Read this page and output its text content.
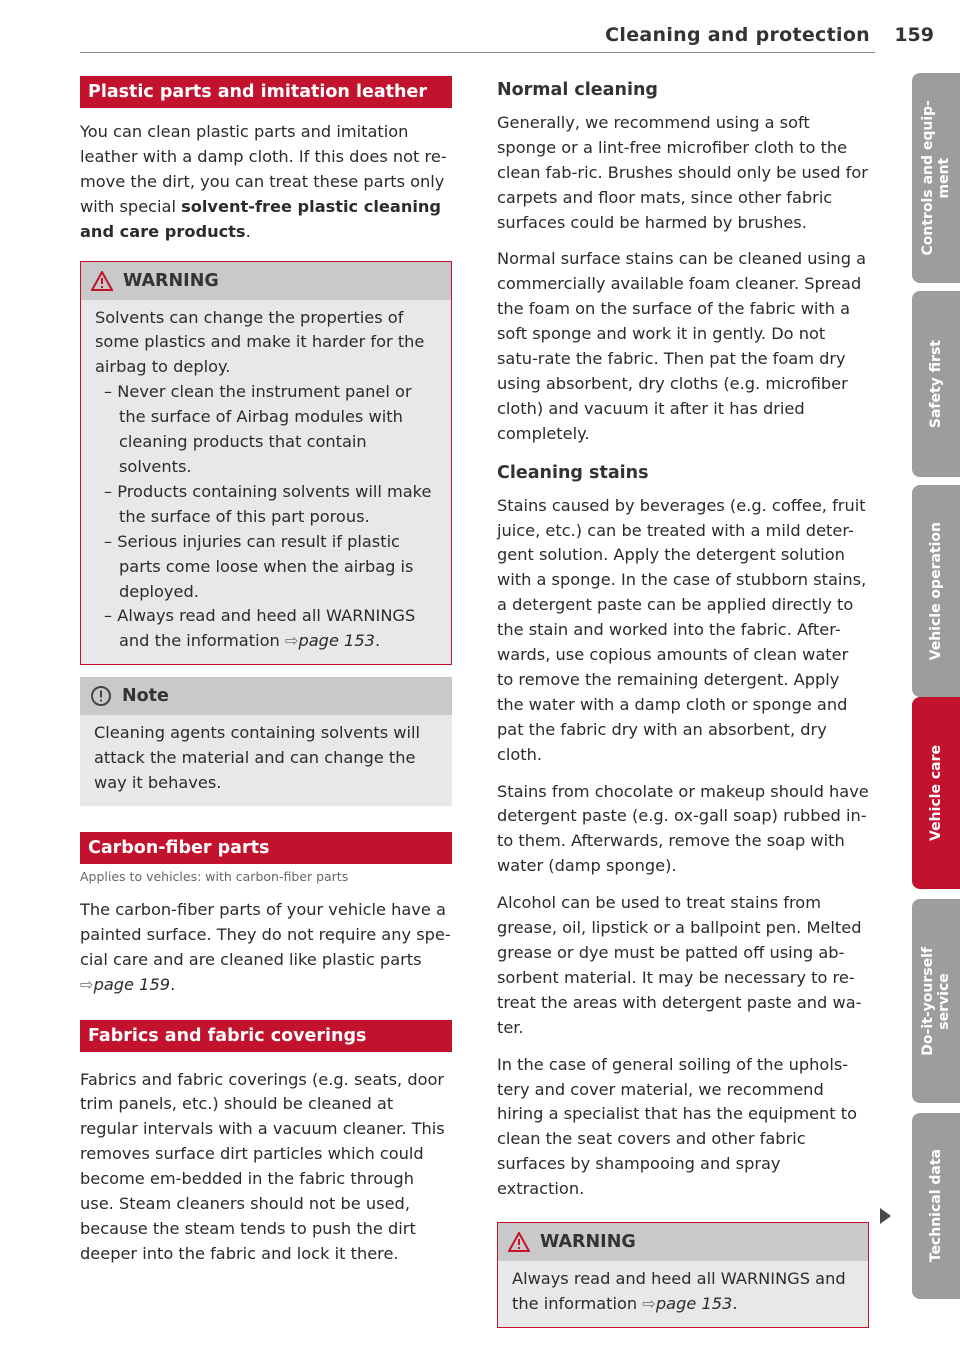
Cleaning and protection 159
Plastic parts and imitation leather

You can clean plastic parts and imitation leather with a damp cloth. If this does not re-move the dirt, you can treat these parts only with special solvent-free plastic cleaning and care products.

WARNING

Solvents can change the properties of some plastics and make it harder for the airbag to deploy.

– Never clean the instrument panel or the surface of Airbag modules with cleaning products that contain solvents.
– Products containing solvents will make the surface of this part porous.
– Serious injuries can result if plastic parts come loose when the airbag is deployed.
– Always read and heed all WARNINGS and the information ⇨page 153.
Note

Cleaning agents containing solvents will attack the material and can change the way it behaves.

Carbon-fiber parts
Applies to vehicles: with carbon-fiber parts

The carbon-fiber parts of your vehicle have a painted surface. They do not require any spe-cial care and are cleaned like plastic parts ⇨page 159.

Fabrics and fabric coverings

Fabrics and fabric coverings (e.g. seats, door trim panels, etc.) should be cleaned at regular intervals with a vacuum cleaner. This removes surface dirt particles which could become em-bedded in the fabric through use. Steam cleaners should not be used, because the steam tends to push the dirt deeper into the fabric and lock it there.

Normal cleaning

Generally, we recommend using a soft sponge or a lint-free microfiber cloth to the clean fab-ric. Brushes should only be used for carpets and floor mats, since other fabric surfaces could be harmed by brushes.

Normal surface stains can be cleaned using a commercially available foam cleaner. Spread the foam on the surface of the fabric with a soft sponge and work it in gently. Do not satu-rate the fabric. Then pat the foam dry using absorbent, dry cloths (e.g. microfiber cloth) and vacuum it after it has dried completely.

Cleaning stains

Stains caused by beverages (e.g. coffee, fruit juice, etc.) can be treated with a mild deter-gent solution. Apply the detergent solution with a sponge. In the case of stubborn stains, a detergent paste can be applied directly to the stain and worked into the fabric. After-wards, use copious amounts of clean water to remove the remaining detergent. Apply the water with a damp cloth or sponge and pat the fabric dry with an absorbent, dry cloth.

Stains from chocolate or makeup should have detergent paste (e.g. ox-gall soap) rubbed in-to them. Afterwards, remove the soap with water (damp sponge).

Alcohol can be used to treat stains from grease, oil, lipstick or a ballpoint pen. Melted grease or dye must be patted off using ab-sorbent material. It may be necessary to re-treat the areas with detergent paste and wa-ter.

In the case of general soiling of the uphols-tery and cover material, we recommend hiring a specialist that has the equipment to clean the seat covers and other fabric surfaces by shampooing and spray extraction.

WARNING

Always read and heed all WARNINGS and the information ⇨page 153.

Controls and equip-
ment
Safety first
Vehicle operation
Vehicle care
Do-it-yourself
service
Technical data
